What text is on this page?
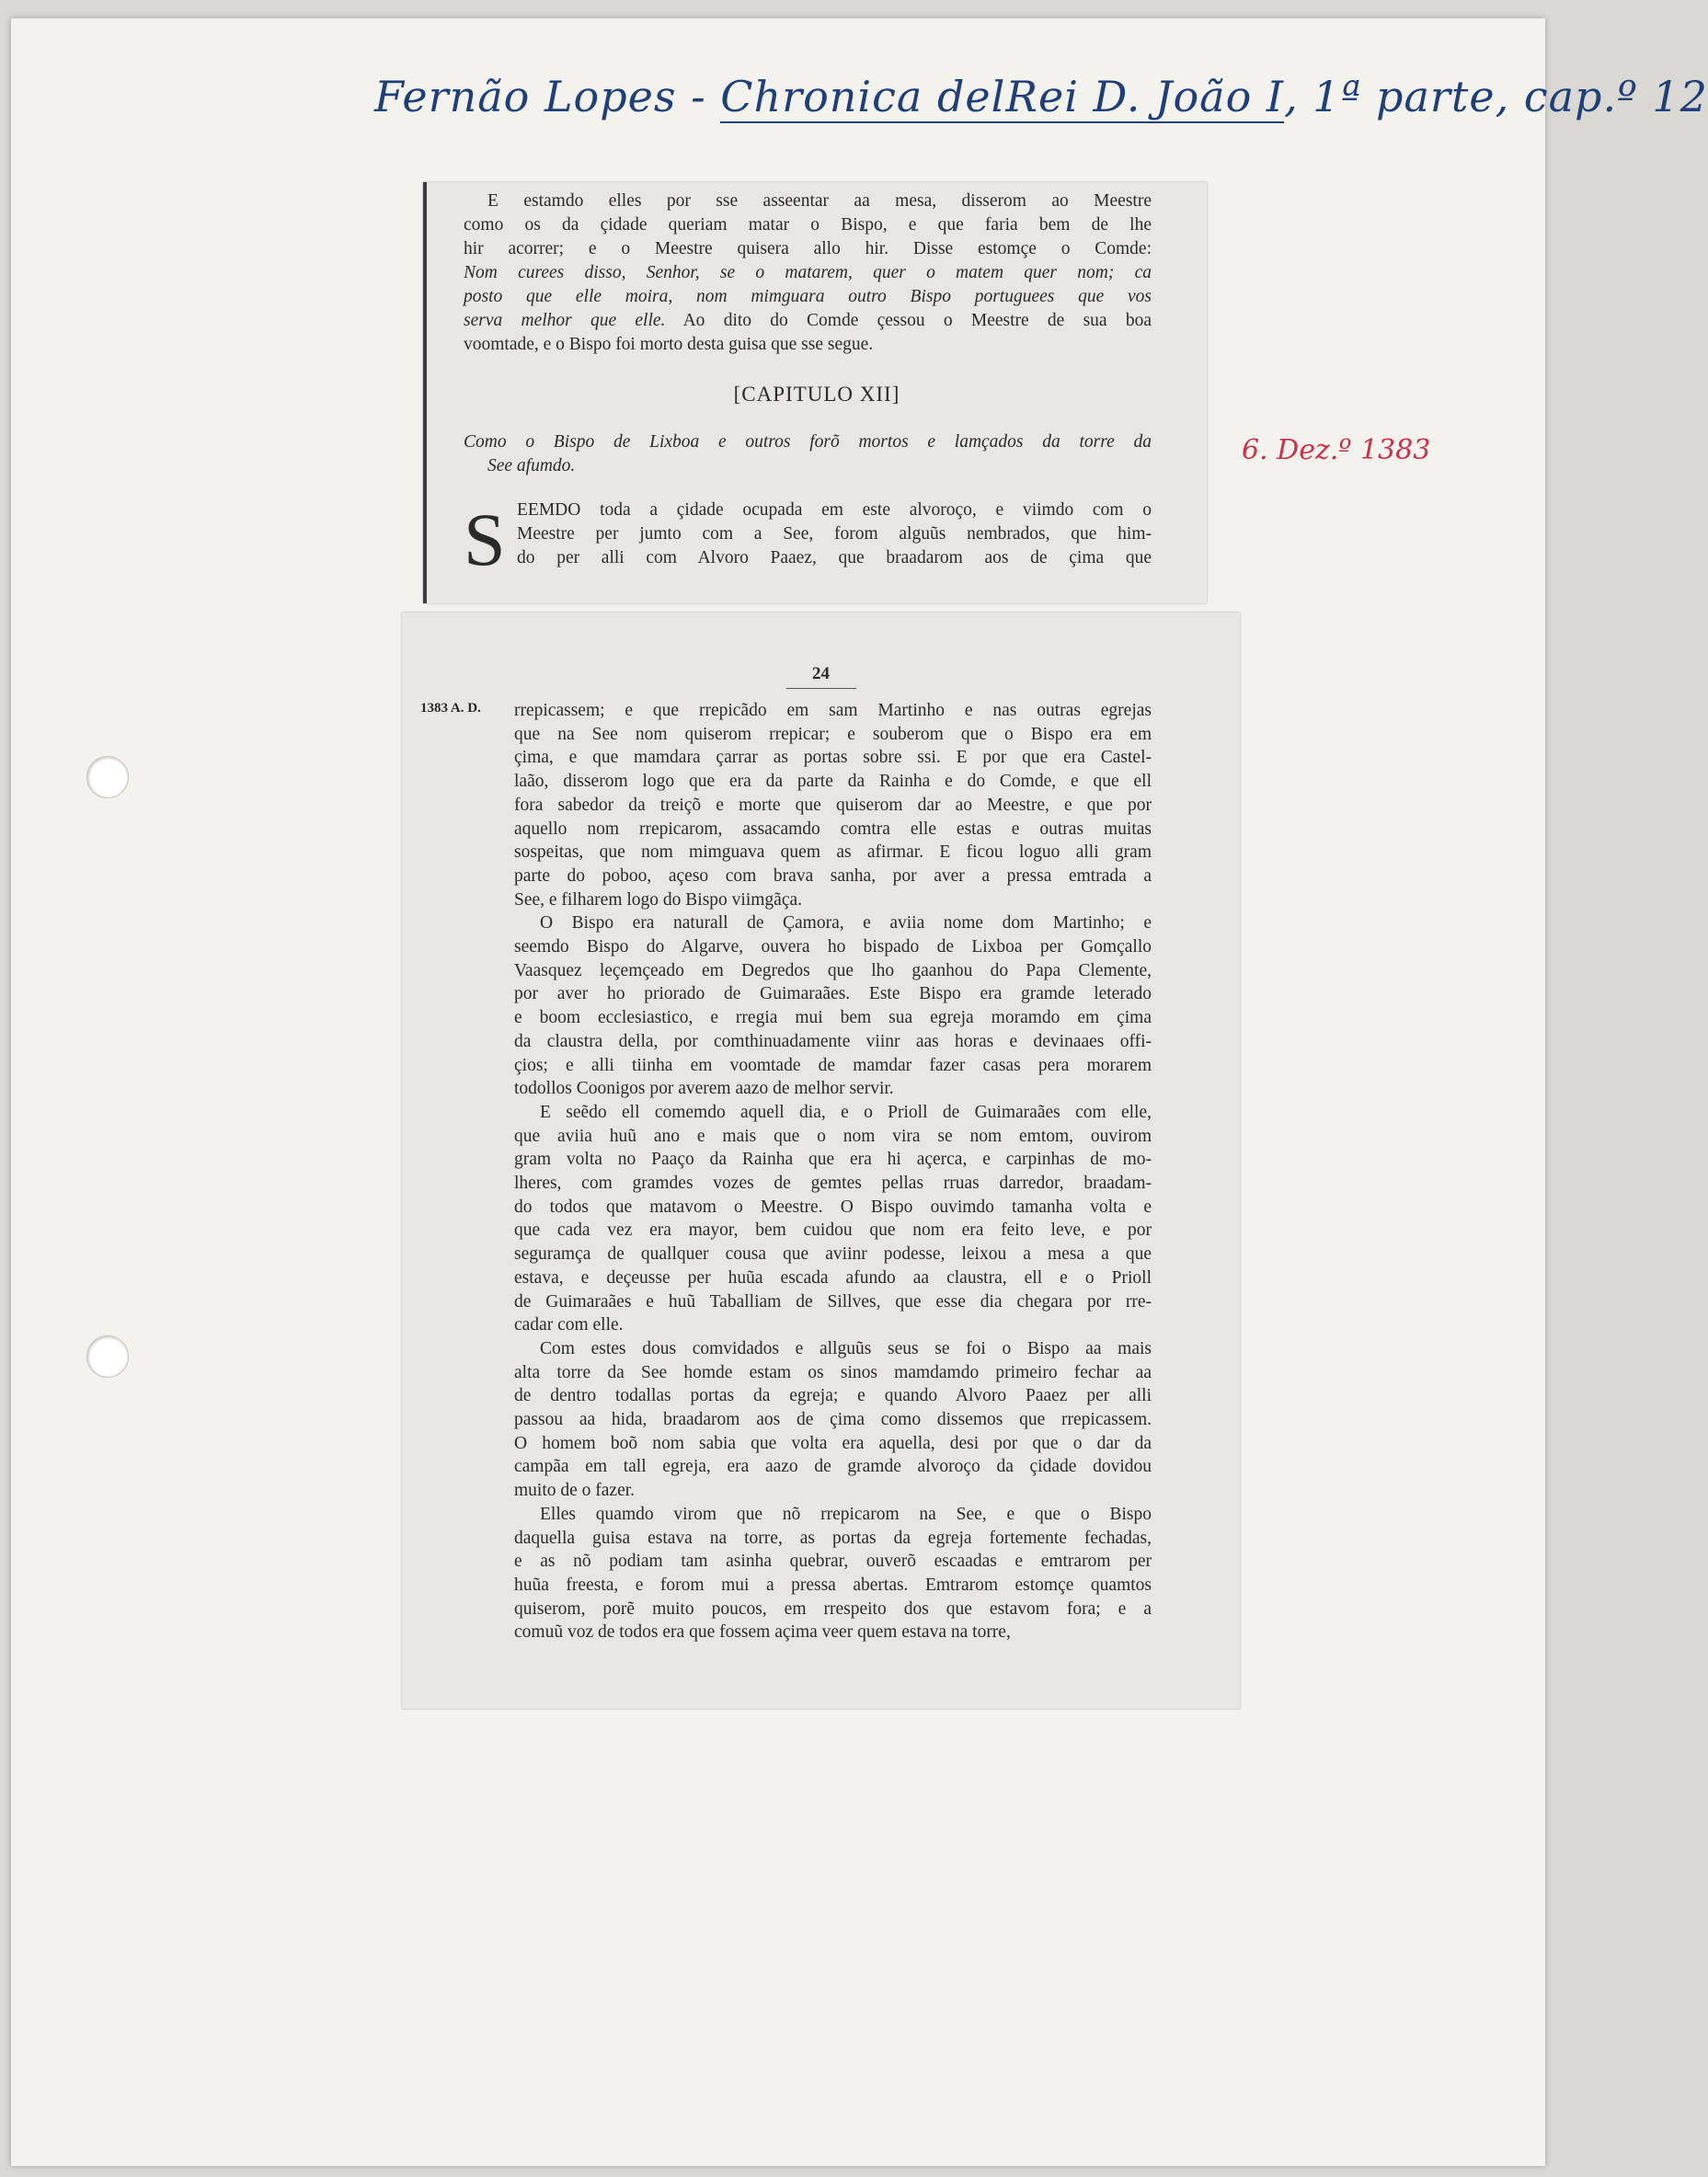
Fernão Lopes - Chronica delRei D. João I, 1ª parte, cap.º 12
6. Dez.º 1383

E estamdo elles por sse asseentar aa mesa, disserom ao Meestre

como os da çidade queriam matar o Bispo, e que faria bem de lhe

hir acorrer; e o Meestre quisera allo hir. Disse estomçe o Comde:

Nom curees disso, Senhor, se o matarem, quer o matem quer nom; ca

posto que elle moira, nom mimguara outro Bispo portuguees que vos

serva melhor que elle. Ao dito do Comde çessou o Meestre de sua boa

voomtade, e o Bispo foi morto desta guisa que sse segue.

[CAPITULO XII]

Como o Bispo de Lixboa e outros forõ mortos e lamçados da torre da

See afumdo.

S EEMDO toda a çidade ocupada em este alvoroço, e viimdo com o

Meestre per jumto com a See, forom alguũs nembrados, que him-

do per alli com Alvoro Paaez, que braadarom aos de çima que

24
1383 A. D. rrepicassem; e que rrepicãdo em sam Martinho e nas outras egrejas

que na See nom quiserom rrepicar; e souberom que o Bispo era em

çima, e que mamdara çarrar as portas sobre ssi. E por que era Castel-

laão, disserom logo que era da parte da Rainha e do Comde, e que ell

fora sabedor da treiçõ e morte que quiserom dar ao Meestre, e que por

aquello nom rrepicarom, assacamdo comtra elle estas e outras muitas

sospeitas, que nom mimguava quem as afirmar. E ficou loguo alli gram

parte do poboo, açeso com brava sanha, por aver a pressa emtrada a

See, e filharem logo do Bispo viimgãça.

O Bispo era naturall de Çamora, e aviia nome dom Martinho; e

seemdo Bispo do Algarve, ouvera ho bispado de Lixboa per Gomçallo

Vaasquez leçemçeado em Degredos que lho gaanhou do Papa Clemente,

por aver ho priorado de Guimaraães. Este Bispo era gramde leterado

e boom ecclesiastico, e rregia mui bem sua egreja moramdo em çima

da claustra della, por comthinuadamente viinr aas horas e devinaaes offi-

çios; e alli tiinha em voomtade de mamdar fazer casas pera morarem

todollos Coonigos por averem aazo de melhor servir.

E seẽdo ell comemdo aquell dia, e o Prioll de Guimaraães com elle,

que aviia huũ ano e mais que o nom vira se nom emtom, ouvirom

gram volta no Paaço da Rainha que era hi açerca, e carpinhas de mo-

lheres, com gramdes vozes de gemtes pellas rruas darredor, braadam-

do todos que matavom o Meestre. O Bispo ouvimdo tamanha volta e

que cada vez era mayor, bem cuidou que nom era feito leve, e por

seguramça de quallquer cousa que aviinr podesse, leixou a mesa a que

estava, e deçeusse per huũa escada afundo aa claustra, ell e o Prioll

de Guimaraães e huũ Taballiam de Sillves, que esse dia chegara por rre-

cadar com elle.

Com estes dous comvidados e allguũs seus se foi o Bispo aa mais

alta torre da See homde estam os sinos mamdamdo primeiro fechar aa

de dentro todallas portas da egreja; e quando Alvoro Paaez per alli

passou aa hida, braadarom aos de çima como dissemos que rrepicassem.

O homem boõ nom sabia que volta era aquella, desi por que o dar da

campãa em tall egreja, era aazo de gramde alvoroço da çidade dovidou

muito de o fazer.

Elles quamdo virom que nõ rrepicarom na See, e que o Bispo

daquella guisa estava na torre, as portas da egreja fortemente fechadas,

e as nõ podiam tam asinha quebrar, ouverõ escaadas e emtrarom per

huũa freesta, e forom mui a pressa abertas. Emtrarom estomçe quamtos

quiserom, porẽ muito poucos, em rrespeito dos que estavom fora; e a

comuũ voz de todos era que fossem açima veer quem estava na torre,
